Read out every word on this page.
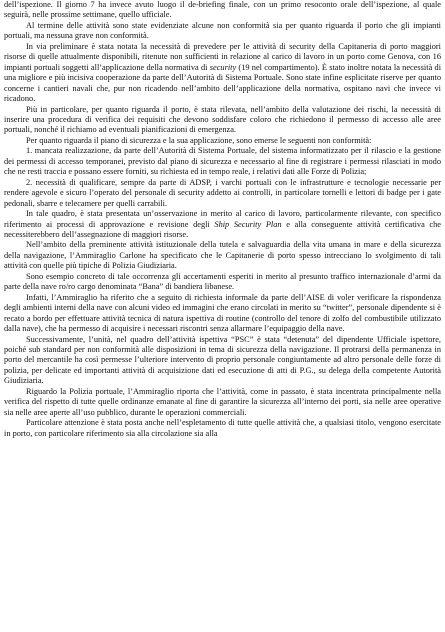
dell’ispezione. Il giorno 7 ha invece avuto luogo il de-briefing finale, con un primo resoconto orale dell’ispezione, al quale seguirà, nelle prossime settimane, quello ufficiale.

Al termine delle attività sono state evidenziate alcune non conformità sia per quanto riguarda il porto che gli impianti portuali, ma nessuna grave non conformità.

In via preliminare è stata notata la necessità di prevedere per le attività di security della Capitaneria di porto maggiori risorse di quelle attualmente disponibili, ritenute non sufficienti in relazione al carico di lavoro in un porto come Genova, con 16 impianti portuali soggetti all’applicazione della normativa di security (19 nel compartimento). È stato inoltre notata la necessità di una migliore e più incisiva cooperazione da parte dell’Autorità di Sistema Portuale. Sono state infine esplicitate riserve per quanto concerne i cantieri navali che, pur non ricadendo nell’ambito dell’applicazione della normativa, ospitano navi che invece vi ricadono.

Più in particolare, per quanto riguarda il porto, è stata rilevata, nell’ambito della valutazione dei rischi, la necessità di inserire una procedura di verifica dei requisiti che devono soddisfare coloro che richiedono il permesso di accesso alle aree portuali, nonché il richiamo ad eventuali pianificazioni di emergenza.

Per quanto riguarda il piano di sicurezza e la sua applicazione, sono emerse le seguenti non conformità:

1. mancata realizzazione, da parte dell’Autorità di Sistema Portuale, del sistema informatizzato per il rilascio e la gestione dei permessi di accesso temporanei, previsto dal piano di sicurezza e necessario al fine di registrare i permessi rilasciati in modo che ne resti traccia e possano essere forniti, su richiesta ed in tempo reale, i relativi dati alle Forze di Polizia;

2. necessità di qualificare, sempre da parte di ADSP, i varchi portuali con le infrastrutture e tecnologie necessarie per rendere agevole e sicuro l’operato del personale di security addetto ai controlli, in particolare tornelli e lettori di badge per i gate pedonali, sbarre e telecamere per quelli carrabili.

In tale quadro, è stata presentata un’osservazione in merito al carico di lavoro, particolarmente rilevante, con specifico riferimento ai processi di approvazione e revisione degli Ship Security Plan e alla conseguente attività certificativa che necessiterebbero dell’assegnazione di maggiori risorse.

Nell’ambito della preminente attività istituzionale della tutela e salvaguardia della vita umana in mare e della sicurezza della navigazione, l’Ammiraglio Carlone ha specificato che le Capitanerie di porto spesso intrecciano lo svolgimento di tali attività con quelle più tipiche di Polizia Giudiziaria.

Sono esempio concreto di tale occorrenza gli accertamenti esperiti in merito al presunto traffico internazionale d’armi da parte della nave ro/ro cargo denominata “Bana” di bandiera libanese.

Infatti, l’Ammiraglio ha riferito che a seguito di richiesta informale da parte dell’AISE di voler verificare la rispondenza degli ambienti interni della nave con alcuni video ed immagini che erano circolati in merito su “twitter”, personale dipendente si è recato a bordo per effettuare attività tecnica di natura ispettiva di routine (controllo del tenore di zolfo del combustibile utilizzato dalla nave), che ha permesso di acquisire i necessari riscontri senza allarmare l’equipaggio della nave.

Successivamente, l’unità, nel quadro dell’attività ispettiva “PSC” è stata “detenuta” del dipendente Ufficiale ispettore, poiché sub standard per non conformità alle disposizioni in tema di sicurezza della navigazione. Il protrarsi della permanenza in porto del mercantile ha così permesse l’ulteriore intervento di proprio personale congiuntamente ad altro personale delle forze di polizia, per delicate ed importanti attività di acquisizione dati ed esecuzione di atti di P.G., su delega della competente Autorità Giudiziaria.

Riguardo la Polizia portuale, l’Ammiraglio riporta che l’attività, come in passato, è stata incentrata principalmente nella verifica del rispetto di tutte quelle ordinanze emanate al fine di garantire la sicurezza all’interno dei porti, sia nelle aree operative sia nelle aree aperte all’uso pubblico, durante le operazioni commerciali.

Particolare attenzione è stata posta anche nell’espletamento di tutte quelle attività che, a qualsiasi titolo, vengono esercitate in porto, con particolare riferimento sia alla circolazione sia alla
